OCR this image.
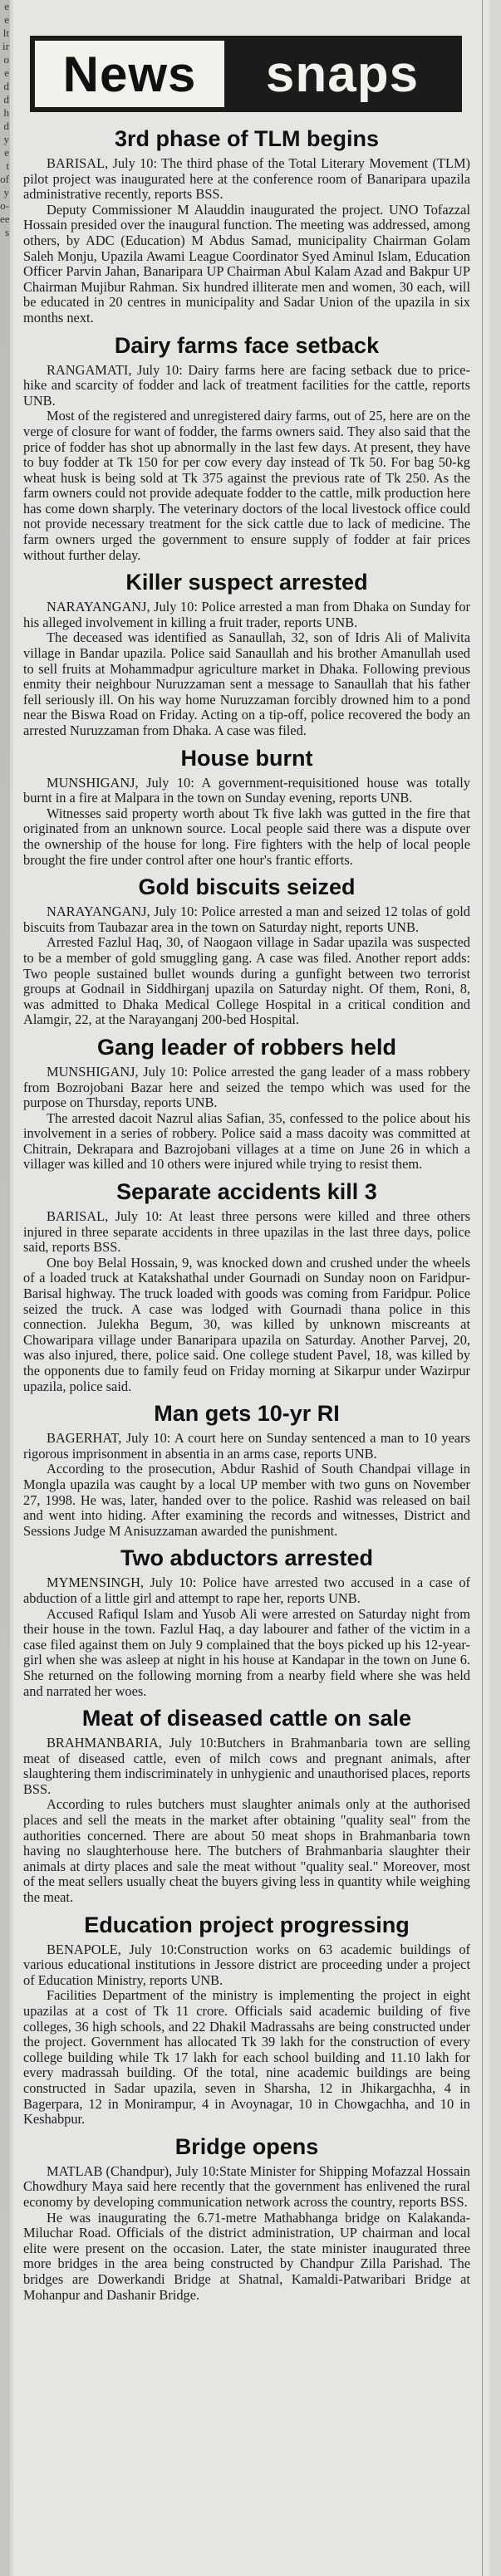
e
e
lt
ir
o
e
d
d
h
d
y
e
t
of
y
o-
ee
s
News	snaps
3rd phase of TLM begins

BARISAL, July 10: The third phase of the Total Literary Movement (TLM) pilot project was inaugurated here at the conference room of Banaripara upazila administrative recently, reports BSS.

Deputy Commissioner M Alauddin inaugurated the project. UNO Tofazzal Hossain presided over the inaugural function. The meeting was addressed, among others, by ADC (Education) M Abdus Samad, municipality Chairman Golam Saleh Monju, Upazila Awami League Coordinator Syed Aminul Islam, Education Officer Parvin Jahan, Banaripara UP Chairman Abul Kalam Azad and Bakpur UP Chairman Mujibur Rahman. Six hundred illiterate men and women, 30 each, will be educated in 20 centres in municipality and Sadar Union of the upazila in six months next.

Dairy farms face setback

RANGAMATI, July 10: Dairy farms here are facing setback due to price-hike and scarcity of fodder and lack of treatment facilities for the cattle, reports UNB.

Most of the registered and unregistered dairy farms, out of 25, here are on the verge of closure for want of fodder, the farms owners said. They also said that the price of fodder has shot up abnormally in the last few days. At present, they have to buy fodder at Tk 150 for per cow every day instead of Tk 50. For bag 50-kg wheat husk is being sold at Tk 375 against the previous rate of Tk 250. As the farm owners could not provide adequate fodder to the cattle, milk production here has come down sharply. The veterinary doctors of the local livestock office could not provide necessary treatment for the sick cattle due to lack of medicine. The farm owners urged the government to ensure supply of fodder at fair prices without further delay.

Killer suspect arrested

NARAYANGANJ, July 10: Police arrested a man from Dhaka on Sunday for his alleged involvement in killing a fruit trader, reports UNB.

The deceased was identified as Sanaullah, 32, son of Idris Ali of Malivita village in Bandar upazila. Police said Sanaullah and his brother Amanullah used to sell fruits at Mohammadpur agriculture market in Dhaka. Following previous enmity their neighbour Nuruzzaman sent a message to Sanaullah that his father fell seriously ill. On his way home Nuruzzaman forcibly drowned him to a pond near the Biswa Road on Friday. Acting on a tip-off, police recovered the body an arrested Nuruzzaman from Dhaka. A case was filed.

House burnt

MUNSHIGANJ, July 10: A government-requisitioned house was totally burnt in a fire at Malpara in the town on Sunday evening, reports UNB.

Witnesses said property worth about Tk five lakh was gutted in the fire that originated from an unknown source. Local people said there was a dispute over the ownership of the house for long. Fire fighters with the help of local people brought the fire under control after one hour's frantic efforts.

Gold biscuits seized

NARAYANGANJ, July 10: Police arrested a man and seized 12 tolas of gold biscuits from Taubazar area in the town on Saturday night, reports UNB.

Arrested Fazlul Haq, 30, of Naogaon village in Sadar upazila was suspected to be a member of gold smuggling gang. A case was filed. Another report adds: Two people sustained bullet wounds during a gunfight between two terrorist groups at Godnail in Siddhirganj upazila on Saturday night. Of them, Roni, 8, was admitted to Dhaka Medical College Hospital in a critical condition and Alamgir, 22, at the Narayanganj 200-bed Hospital.

Gang leader of robbers held

MUNSHIGANJ, July 10: Police arrested the gang leader of a mass robbery from Bozrojobani Bazar here and seized the tempo which was used for the purpose on Thursday, reports UNB.

The arrested dacoit Nazrul alias Safian, 35, confessed to the police about his involvement in a series of robbery. Police said a mass dacoity was committed at Chitrain, Dekrapara and Bazrojobani villages at a time on June 26 in which a villager was killed and 10 others were injured while trying to resist them.

Separate accidents kill 3

BARISAL, July 10: At least three persons were killed and three others injured in three separate accidents in three upazilas in the last three days, police said, reports BSS.

One boy Belal Hossain, 9, was knocked down and crushed under the wheels of a loaded truck at Katakshathal under Gournadi on Sunday noon on Faridpur-Barisal highway. The truck loaded with goods was coming from Faridpur. Police seized the truck. A case was lodged with Gournadi thana police in this connection. Julekha Begum, 30, was killed by unknown miscreants at Chowaripara village under Banaripara upazila on Saturday. Another Parvej, 20, was also injured, there, police said. One college student Pavel, 18, was killed by the opponents due to family feud on Friday morning at Sikarpur under Wazirpur upazila, police said.

Man gets 10-yr RI

BAGERHAT, July 10: A court here on Sunday sentenced a man to 10 years rigorous imprisonment in absentia in an arms case, reports UNB.

According to the prosecution, Abdur Rashid of South Chandpai village in Mongla upazila was caught by a local UP member with two guns on November 27, 1998. He was, later, handed over to the police. Rashid was released on bail and went into hiding. After examining the records and witnesses, District and Sessions Judge M Anisuzzaman awarded the punishment.

Two abductors arrested

MYMENSINGH, July 10: Police have arrested two accused in a case of abduction of a little girl and attempt to rape her, reports UNB.

Accused Rafiqul Islam and Yusob Ali were arrested on Saturday night from their house in the town. Fazlul Haq, a day labourer and father of the victim in a case filed against them on July 9 complained that the boys picked up his 12-year-girl when she was asleep at night in his house at Kandapar in the town on June 6. She returned on the following morning from a nearby field where she was held and narrated her woes.

Meat of diseased cattle on sale

BRAHMANBARIA, July 10:Butchers in Brahmanbaria town are selling meat of diseased cattle, even of milch cows and pregnant animals, after slaughtering them indiscriminately in unhygienic and unauthorised places, reports BSS.

According to rules butchers must slaughter animals only at the authorised places and sell the meats in the market after obtaining "quality seal" from the authorities concerned. There are about 50 meat shops in Brahmanbaria town having no slaughterhouse here. The butchers of Brahmanbaria slaughter their animals at dirty places and sale the meat without "quality seal." Moreover, most of the meat sellers usually cheat the buyers giving less in quantity while weighing the meat.

Education project progressing

BENAPOLE, July 10:Construction works on 63 academic buildings of various educational institutions in Jessore district are proceeding under a project of Education Ministry, reports UNB.

Facilities Department of the ministry is implementing the project in eight upazilas at a cost of Tk 11 crore. Officials said academic building of five colleges, 36 high schools, and 22 Dhakil Madrassahs are being constructed under the project. Government has allocated Tk 39 lakh for the construction of every college building while Tk 17 lakh for each school building and 11.10 lakh for every madrassah building. Of the total, nine academic buildings are being constructed in Sadar upazila, seven in Sharsha, 12 in Jhikargachha, 4 in Bagerpara, 12 in Monirampur, 4 in Avoynagar, 10 in Chowgachha, and 10 in Keshabpur.

Bridge opens

MATLAB (Chandpur), July 10:State Minister for Shipping Mofazzal Hossain Chowdhury Maya said here recently that the government has enlivened the rural economy by developing communication network across the country, reports BSS.

He was inaugurating the 6.71-metre Mathabhanga bridge on Kalakanda-Miluchar Road. Officials of the district administration, UP chairman and local elite were present on the occasion. Later, the state minister inaugurated three more bridges in the area being constructed by Chandpur Zilla Parishad. The bridges are Dowerkandi Bridge at Shatnal, Kamaldi-Patwaribari Bridge at Mohanpur and Dashanir Bridge.
